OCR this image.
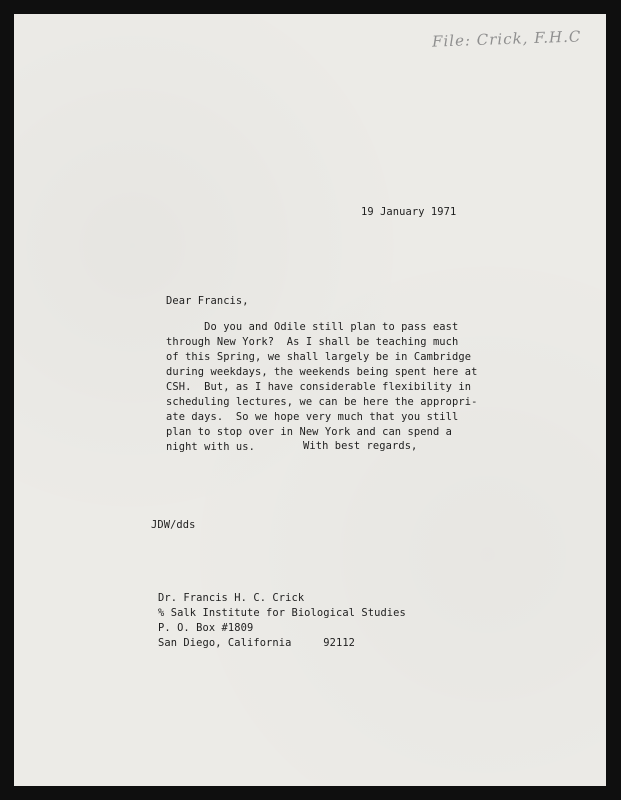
File: Crick, F.H.C
19 January 1971
Dear Francis,
Do you and Odile still plan to pass east
through New York?  As I shall be teaching much
of this Spring, we shall largely be in Cambridge
during weekdays, the weekends being spent here at
CSH.  But, as I have considerable flexibility in
scheduling lectures, we can be here the appropri-
ate days.  So we hope very much that you still
plan to stop over in New York and can spend a
night with us.	With best regards,
JDW/dds
Dr. Francis H. C. Crick
% Salk Institute for Biological Studies
P. O. Box #1809
San Diego, California     92112
